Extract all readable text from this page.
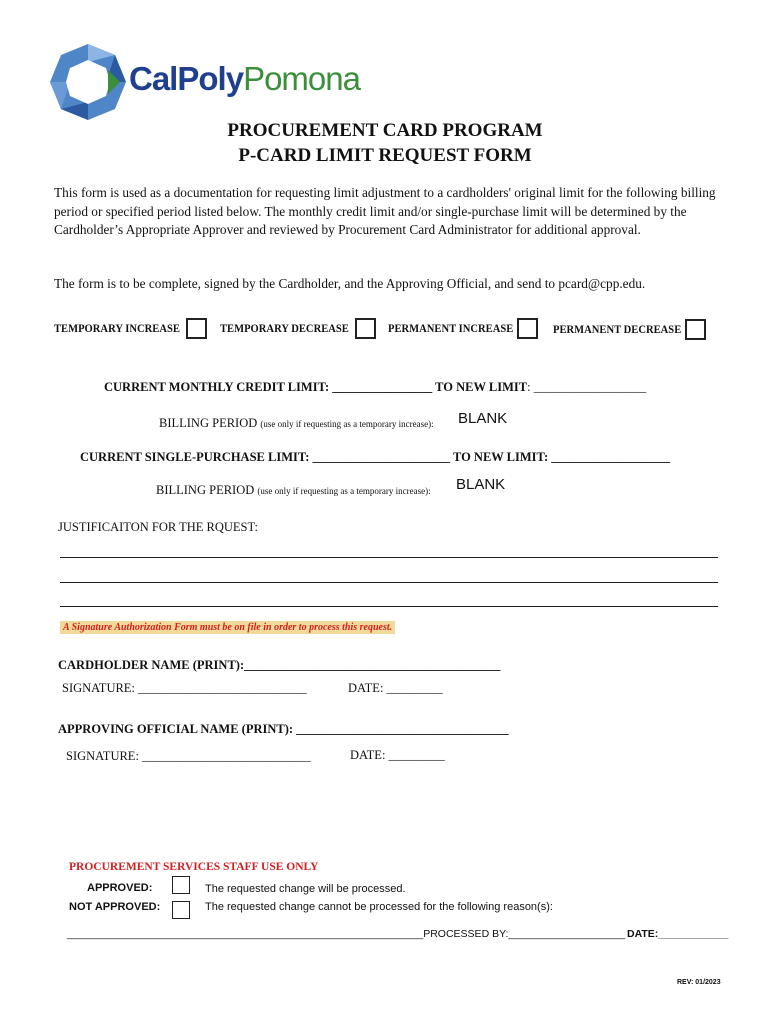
CalPolyPomona
PROCUREMENT CARD PROGRAM
P-CARD LIMIT REQUEST FORM
This form is used as a documentation for requesting limit adjustment to a cardholders' original limit for the following billing period or specified period listed below. The monthly credit limit and/or single-purchase limit will be determined by the Cardholder’s Appropriate Approver and reviewed by Procurement Card Administrator for additional approval.
The form is to be complete, signed by the Cardholder, and the Approving Official, and send to pcard@cpp.edu.
TEMPORARY INCREASE	TEMPORARY DECREASE	PERMANENT INCREASE	PERMANENT DECREASE
CURRENT MONTHLY CREDIT LIMIT: ________________ TO NEW LIMIT: __________________
BILLING PERIOD (use only if requesting as a temporary increase): BLANK
CURRENT SINGLE-PURCHASE LIMIT: ______________________ TO NEW LIMIT: ___________________
BILLING PERIOD (use only if requesting as a temporary increase): BLANK
JUSTIFICAITON FOR THE RQUEST:
A Signature Authorization Form must be on file in order to process this request.
CARDHOLDER NAME (PRINT):_________________________________________
SIGNATURE: ___________________________	DATE: _________
APPROVING OFFICIAL NAME (PRINT): __________________________________
SIGNATURE: ___________________________	DATE: _________
PROCUREMENT SERVICES STAFF USE ONLY
APPROVED:	The requested change will be processed.
NOT APPROVED:	The requested change cannot be processed for the following reason(s):
_____________________________________________________________PROCESSED BY:____________________ DATE:____________
REV: 01/2023
